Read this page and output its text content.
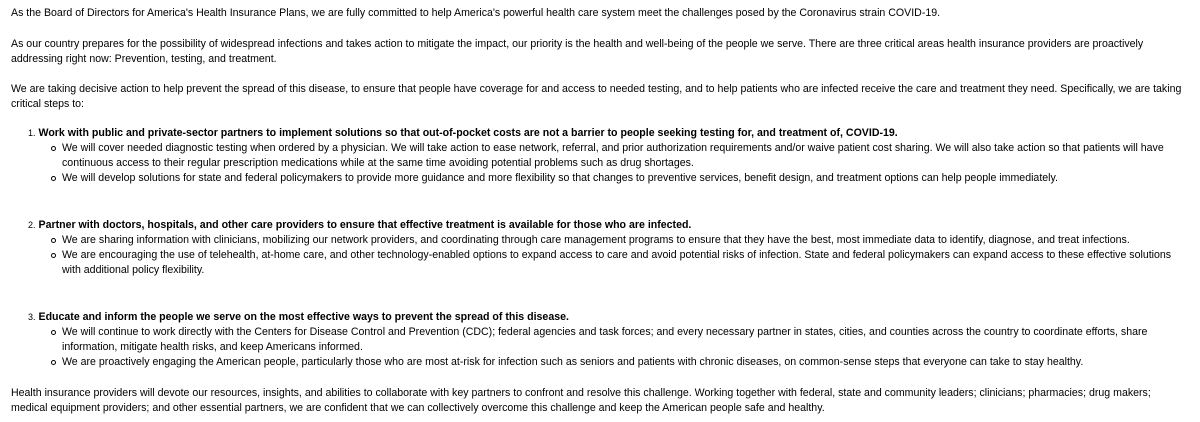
As the Board of Directors for America's Health Insurance Plans, we are fully committed to help America's powerful health care system meet the challenges posed by the Coronavirus strain COVID-19.

As our country prepares for the possibility of widespread infections and takes action to mitigate the impact, our priority is the health and well-being of the people we serve. There are three critical areas health insurance providers are proactively addressing right now: Prevention, testing, and treatment.

We are taking decisive action to help prevent the spread of this disease, to ensure that people have coverage for and access to needed testing, and to help patients who are infected receive the care and treatment they need. Specifically, we are taking critical steps to:

1. Work with public and private-sector partners to implement solutions so that out-of-pocket costs are not a barrier to people seeking testing for, and treatment of, COVID-19.
We will cover needed diagnostic testing when ordered by a physician. We will take action to ease network, referral, and prior authorization requirements and/or waive patient cost sharing. We will also take action so that patients will have continuous access to their regular prescription medications while at the same time avoiding potential problems such as drug shortages.
We will develop solutions for state and federal policymakers to provide more guidance and more flexibility so that changes to preventive services, benefit design, and treatment options can help people immediately.
2. Partner with doctors, hospitals, and other care providers to ensure that effective treatment is available for those who are infected.
We are sharing information with clinicians, mobilizing our network providers, and coordinating through care management programs to ensure that they have the best, most immediate data to identify, diagnose, and treat infections.
We are encouraging the use of telehealth, at-home care, and other technology-enabled options to expand access to care and avoid potential risks of infection. State and federal policymakers can expand access to these effective solutions with additional policy flexibility.
3. Educate and inform the people we serve on the most effective ways to prevent the spread of this disease.
We will continue to work directly with the Centers for Disease Control and Prevention (CDC); federal agencies and task forces; and every necessary partner in states, cities, and counties across the country to coordinate efforts, share information, mitigate health risks, and keep Americans informed.
We are proactively engaging the American people, particularly those who are most at-risk for infection such as seniors and patients with chronic diseases, on common-sense steps that everyone can take to stay healthy.

Health insurance providers will devote our resources, insights, and abilities to collaborate with key partners to confront and resolve this challenge. Working together with federal, state and community leaders; clinicians; pharmacies; drug makers; medical equipment providers; and other essential partners, we are confident that we can collectively overcome this challenge and keep the American people safe and healthy.
